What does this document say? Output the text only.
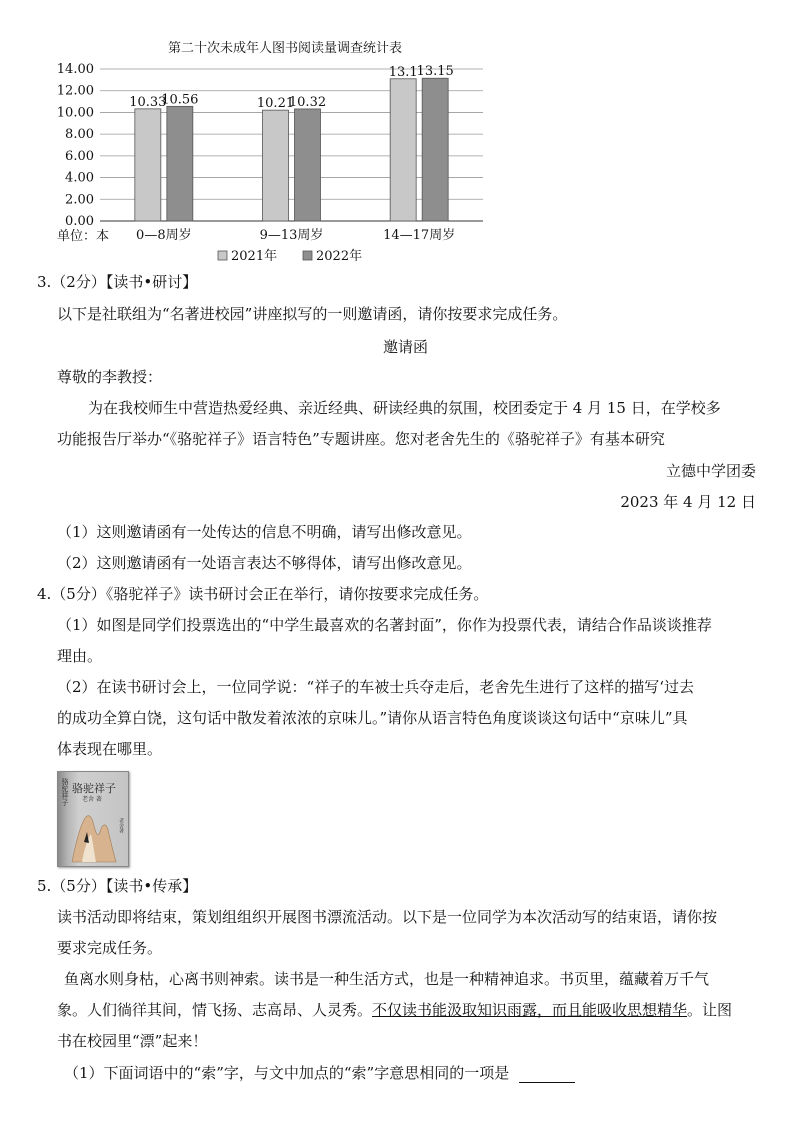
第二十次未成年人图书阅读量调查统计表
10.33
10.56	10.21
10.32
13.1
13.15
0.00
2.00
4.00
6.00
8.00
10.00
12.00
14.00
0—8周岁	9—13周岁	14—17周岁
单位：本
2021年	2022年
3.（2分）【读书•研讨】
以下是社联组为“名著进校园”讲座拟写的一则邀请函，请你按要求完成任务。
邀请函
尊敬的李教授：
为在我校师生中营造热爱经典、亲近经典、研读经典的氛围，校团委定于 4 月 15 日，在学校多
功能报告厅举办“《骆驼祥子》语言特色”专题讲座。您对老舍先生的《骆驼祥子》有基本研究
立德中学团委
2023 年 4 月 12 日
（1）这则邀请函有一处传达的信息不明确，请写出修改意见。
（2）这则邀请函有一处语言表达不够得体，请写出修改意见。
4.（5分）《骆驼祥子》读书研讨会正在举行，请你按要求完成任务。
（1）如图是同学们投票选出的“中学生最喜欢的名著封面”，你作为投票代表，请结合作品谈谈推荐
理由。
（2）在读书研讨会上，一位同学说：“祥子的车被士兵夺走后，老舍先生进行了这样的描写‘过去
的成功全算白饶，这句话中散发着浓浓的京味儿。”请你从语言特色角度谈谈这句话中“京味儿”具
体表现在哪里。
骆驼祥子 骆驼祥子
老舍 著
老舍著
5.（5分）【读书•传承】
读书活动即将结束，策划组组织开展图书漂流活动。以下是一位同学为本次活动写的结束语，请你按
要求完成任务。
鱼离水则身枯，心离书则神索。读书是一种生活方式，也是一种精神追求。书页里，蕴藏着万千气
象。人们徜徉其间，情飞扬、志高昂、人灵秀。不仅读书能汲取知识雨露，而且能吸收思想精华。让图
书在校园里“漂”起来！
（1）下面词语中的“索”字，与文中加点的“索”字意思相同的一项是
